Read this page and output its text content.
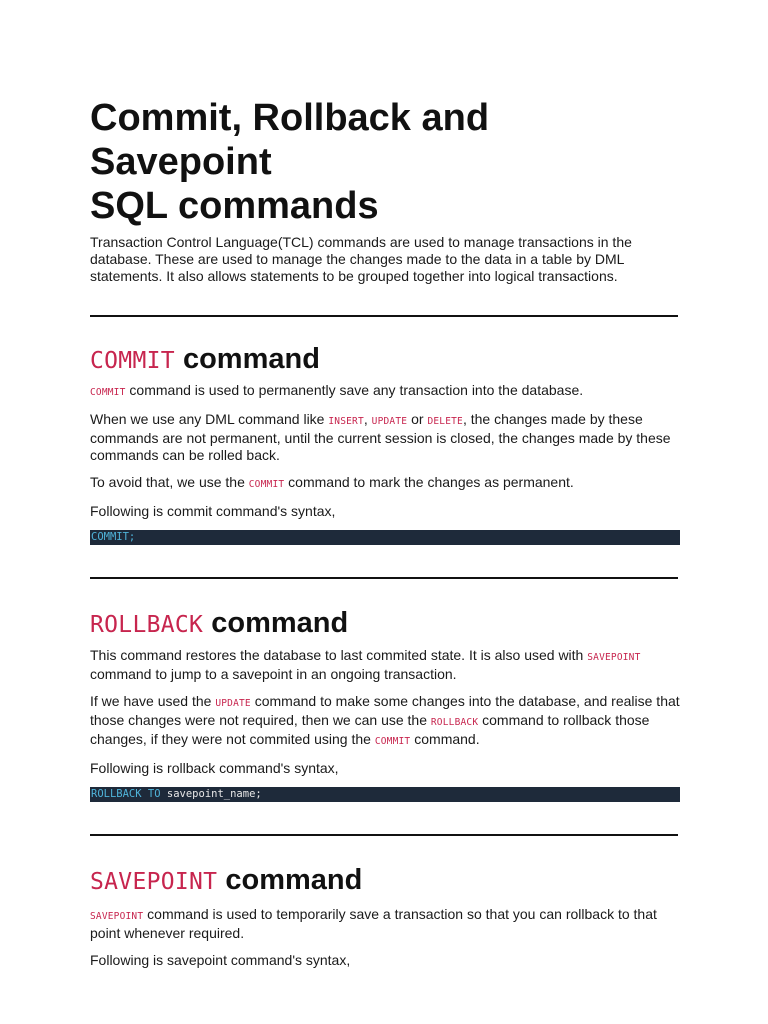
Commit, Rollback and Savepoint
SQL commands

Transaction Control Language(TCL) commands are used to manage transactions in the database. These are used to manage the changes made to the data in a table by DML statements. It also allows statements to be grouped together into logical transactions.

COMMIT command

COMMIT command is used to permanently save any transaction into the database.

When we use any DML command like INSERT, UPDATE or DELETE, the changes made by these commands are not permanent, until the current session is closed, the changes made by these commands can be rolled back.

To avoid that, we use the COMMIT command to mark the changes as permanent.

Following is commit command's syntax,

COMMIT;
ROLLBACK command

This command restores the database to last commited state. It is also used with SAVEPOINT command to jump to a savepoint in an ongoing transaction.

If we have used the UPDATE command to make some changes into the database, and realise that those changes were not required, then we can use the ROLLBACK command to rollback those changes, if they were not commited using the COMMIT command.

Following is rollback command's syntax,

ROLLBACK TO savepoint_name;
SAVEPOINT command

SAVEPOINT command is used to temporarily save a transaction so that you can rollback to that point whenever required.

Following is savepoint command's syntax,
